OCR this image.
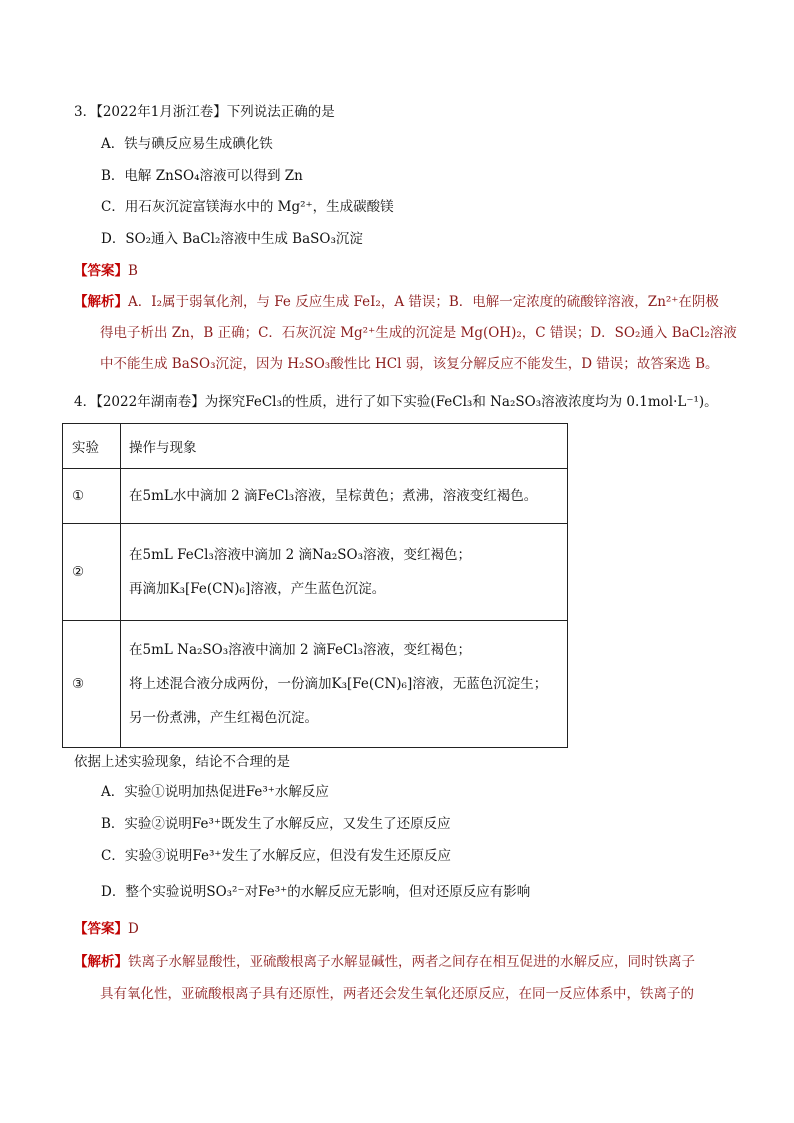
3．【2022年1月浙江卷】下列说法正确的是
A．铁与碘反应易生成碘化铁
B．电解 ZnSO₄溶液可以得到 Zn
C．用石灰沉淀富镁海水中的 Mg²⁺，生成碳酸镁
D．SO₂通入 BaCl₂溶液中生成 BaSO₃沉淀
【答案】B
【解析】A．I₂属于弱氧化剂，与 Fe 反应生成 FeI₂，A 错误；B．电解一定浓度的硫酸锌溶液，Zn²⁺在阴极
得电子析出 Zn，B 正确；C．石灰沉淀 Mg²⁺生成的沉淀是 Mg(OH)₂，C 错误；D．SO₂通入 BaCl₂溶液
中不能生成 BaSO₃沉淀，因为 H₂SO₃酸性比 HCl 弱，该复分解反应不能发生，D 错误；故答案选 B。
4．【2022年湖南卷】为探究FeCl₃的性质，进行了如下实验(FeCl₃和 Na₂SO₃溶液浓度均为 0.1mol·L⁻¹)。
实验	操作与现象
①	在5mL水中滴加 2 滴FeCl₃溶液，呈棕黄色；煮沸，溶液变红褐色。

②	在5mL FeCl₃溶液中滴加 2 滴Na₂SO₃溶液，变红褐色；
再滴加K₃[Fe(CN)₆]溶液，产生蓝色沉淀。

③	在5mL Na₂SO₃溶液中滴加 2 滴FeCl₃溶液，变红褐色；
将上述混合液分成两份，一份滴加K₃[Fe(CN)₆]溶液，无蓝色沉淀生；
另一份煮沸，产生红褐色沉淀。
依据上述实验现象，结论不合理的是
A．实验①说明加热促进Fe³⁺水解反应
B．实验②说明Fe³⁺既发生了水解反应，又发生了还原反应
C．实验③说明Fe³⁺发生了水解反应，但没有发生还原反应
D．整个实验说明SO₃²⁻对Fe³⁺的水解反应无影响，但对还原反应有影响
【答案】D
【解析】铁离子水解显酸性，亚硫酸根离子水解显碱性，两者之间存在相互促进的水解反应，同时铁离子
具有氧化性，亚硫酸根离子具有还原性，两者还会发生氧化还原反应，在同一反应体系中，铁离子的
